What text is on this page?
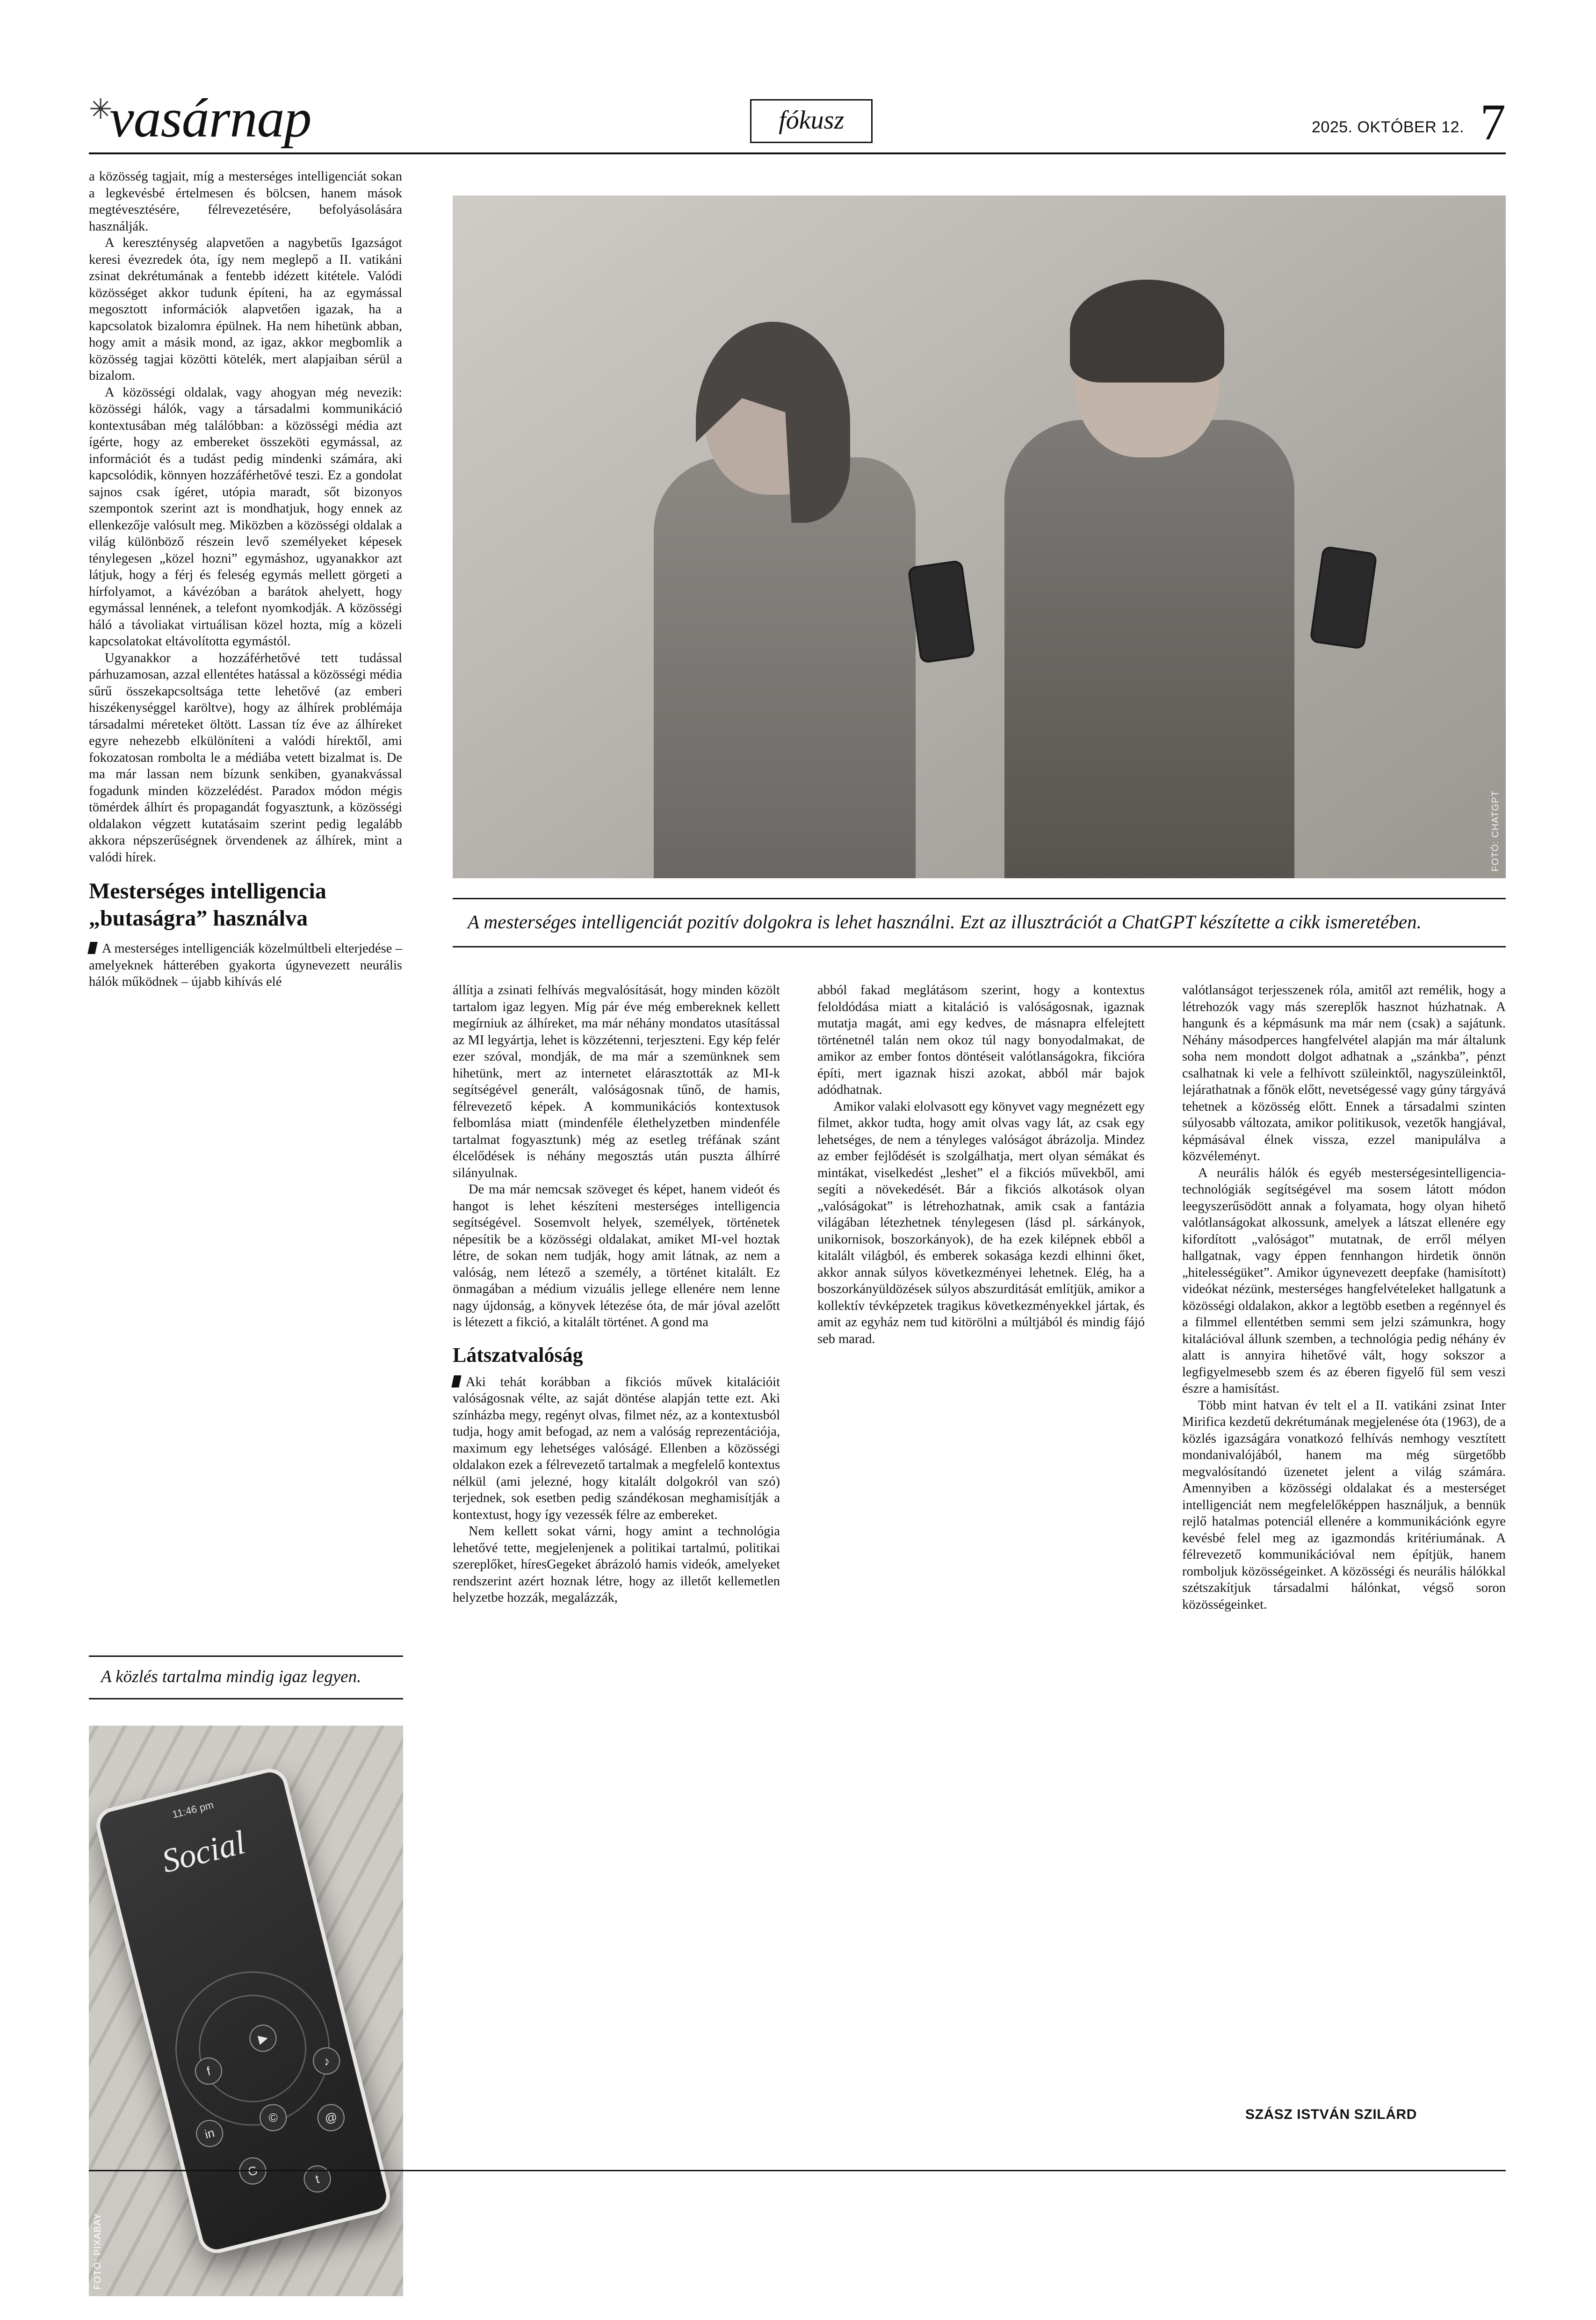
✳
vasárnap	fókusz	2025. OKTÓBER 12. 7
FOTÓ: CHATGPT
A mesterséges intelligenciát pozitív dolgokra is lehet használni. Ezt az illusztrációt a ChatGPT készítette a cikk ismeretében.

a közösség tagjait, míg a mesterséges intelligenciát sokan a legkevésbé értelmesen és bölcsen, hanem mások megtévesztésére, félrevezetésére, befolyásolására használják.

A kereszténység alapvetően a nagybetűs Igazságot keresi évezredek óta, így nem meglepő a II. vatikáni zsinat dekrétumának a fentebb idézett kitétele. Valódi közösséget akkor tudunk építeni, ha az egymással megosztott információk alapvetően igazak, ha a kapcsolatok bizalomra épülnek. Ha nem hihetünk abban, hogy amit a másik mond, az igaz, akkor megbomlik a közösség tagjai közötti kötelék, mert alapjaiban sérül a bizalom.

A közösségi oldalak, vagy ahogyan még nevezik: közösségi hálók, vagy a társadalmi kommunikáció kontextusában még találóbban: a közösségi média azt ígérte, hogy az embereket összeköti egymással, az információt és a tudást pedig mindenki számára, aki kapcsolódik, könnyen hozzáférhetővé teszi. Ez a gondolat sajnos csak ígéret, utópia maradt, sőt bizonyos szempontok szerint azt is mondhatjuk, hogy ennek az ellenkezője valósult meg. Miközben a közösségi oldalak a világ különböző részein levő személyeket képesek ténylegesen „közel hozni” egymáshoz, ugyanakkor azt látjuk, hogy a férj és feleség egymás mellett görgeti a hírfolyamot, a kávézóban a barátok ahelyett, hogy egymással lennének, a telefont nyomkodják. A közösségi háló a távoliakat virtuálisan közel hozta, míg a közeli kapcsolatokat eltávolította egymástól.

Ugyanakkor a hozzáférhetővé tett tudással párhuzamosan, azzal ellentétes hatással a közösségi média sűrű összekapcsoltsága tette lehetővé (az emberi hiszékenységgel karöltve), hogy az álhírek problémája társadalmi méreteket öltött. Lassan tíz éve az álhíreket egyre nehezebb elkülöníteni a valódi hírektől, ami fokozatosan rombolta le a médiába vetett bizalmat is. De ma már lassan nem bízunk senkiben, gyanakvással fogadunk minden közzelédést. Paradox módon mégis tömérdek álhírt és propagandát fogyasztunk, a közösségi oldalakon végzett kutatásaim szerint pedig legalább akkora népszerűségnek örvendenek az álhírek, mint a valódi hírek.

Mesterséges intelligencia
„butaságra” használva

A mesterséges intelligenciák közelmúltbeli elterjedése – amelyeknek hátterében gyakorta úgynevezett neurális hálók működnek – újabb kihívás elé

A közlés tartalma mindig igaz legyen.
11:46 pm
Social
f
©	@
G
t
in
♪
▶
FOTÓ: PIXABAY

állítja a zsinati felhívás megvalósítását, hogy minden közölt tartalom igaz legyen. Míg pár éve még embereknek kellett megírniuk az álhíreket, ma már néhány mondatos utasítással az MI legyártja, lehet is közzétenni, terjeszteni. Egy kép felér ezer szóval, mondják, de ma már a szemünknek sem hihetünk, mert az internetet elárasztották az MI-k segítségével generált, valóságosnak tűnő, de hamis, félrevezető képek. A kommunikációs kontextusok felbomlása miatt (mindenféle élethelyzetben mindenféle tartalmat fogyasztunk) még az esetleg tréfának szánt élcelődések is néhány megosztás után puszta álhírré silányulnak.

De ma már nemcsak szöveget és képet, hanem videót és hangot is lehet készíteni mesterséges intelligencia segítségével. Sosemvolt helyek, személyek, történetek népesítik be a közösségi oldalakat, amiket MI-vel hoztak létre, de sokan nem tudják, hogy amit látnak, az nem a valóság, nem létező a személy, a történet kitalált. Ez önmagában a médium vizuális jellege ellenére nem lenne nagy újdonság, a könyvek létezése óta, de már jóval azelőtt is létezett a fikció, a kitalált történet. A gond ma

Látszatvalóság

Aki tehát korábban a fikciós művek kitalációit valóságosnak vélte, az saját döntése alapján tette ezt. Aki színházba megy, regényt olvas, filmet néz, az a kontextusból tudja, hogy amit befogad, az nem a valóság reprezentációja, maximum egy lehetséges valóságé. Ellenben a közösségi oldalakon ezek a félrevezető tartalmak a megfelelő kontextus nélkül (ami jelezné, hogy kitalált dolgokról van szó) terjednek, sok esetben pedig szándékosan meghamisítják a kontextust, hogy így vezessék félre az embereket.

Nem kellett sokat várni, hogy amint a technológia lehetővé tette, megjelenjenek a politikai tartalmú, politikai szereplőket, híresGegeket ábrázoló hamis videók, amelyeket rendszerint azért hoznak létre, hogy az illetőt kellemetlen helyzetbe hozzák, megalázzák,

abból fakad meglátásom szerint, hogy a kontextus feloldódása miatt a kitaláció is valóságosnak, igaznak mutatja magát, ami egy kedves, de másnapra elfelejtett történetnél talán nem okoz túl nagy bonyodalmakat, de amikor az ember fontos döntéseit valótlanságokra, fikcióra építi, mert igaznak hiszi azokat, abból már bajok adódhatnak.

Amikor valaki elolvasott egy könyvet vagy megnézett egy filmet, akkor tudta, hogy amit olvas vagy lát, az csak egy lehetséges, de nem a tényleges valóságot ábrázolja. Mindez az ember fejlődését is szolgálhatja, mert olyan sémákat és mintákat, viselkedést „leshet” el a fikciós művekből, ami segíti a növekedését. Bár a fikciós alkotások olyan „valóságokat” is létrehozhatnak, amik csak a fantázia világában létezhetnek ténylegesen (lásd pl. sárkányok, unikornisok, boszorkányok), de ha ezek kilépnek ebből a kitalált világból, és emberek sokasága kezdi elhinni őket, akkor annak súlyos következményei lehetnek. Elég, ha a boszorkányüldözések súlyos abszurditását említjük, amikor a kollektív tévképzetek tragikus következményekkel jártak, és amit az egyház nem tud kitörölni a múltjából és mindig fájó seb marad.

valótlanságot terjesszenek róla, amitől azt remélik, hogy a létrehozók vagy más szereplők hasznot húzhatnak. A hangunk és a képmásunk ma már nem (csak) a sajátunk. Néhány másodperces hangfelvétel alapján ma már általunk soha nem mondott dolgot adhatnak a „szánkba”, pénzt csalhatnak ki vele a felhívott szüleinktől, nagyszüleinktől, lejárathatnak a főnök előtt, nevetségessé vagy gúny tárgyává tehetnek a közösség előtt. Ennek a társadalmi szinten súlyosabb változata, amikor politikusok, vezetők hangjával, képmásával élnek vissza, ezzel manipulálva a közvéleményt.

A neurális hálók és egyéb mesterségesintelligencia-technológiák segítségével ma sosem látott módon leegyszerűsödött annak a folyamata, hogy olyan hihető valótlanságokat alkossunk, amelyek a látszat ellenére egy kifordított „valóságot” mutatnak, de erről mélyen hallgatnak, vagy éppen fennhangon hirdetik önnön „hitelességüket”. Amikor úgynevezett deepfake (hamisított) videókat nézünk, mesterséges hangfelvételeket hallgatunk a közösségi oldalakon, akkor a legtöbb esetben a regénnyel és a filmmel ellentétben semmi sem jelzi számunkra, hogy kitalációval állunk szemben, a technológia pedig néhány év alatt is annyira hihetővé vált, hogy sokszor a legfigyelmesebb szem és az éberen figyelő fül sem veszi észre a hamisítást.

Több mint hatvan év telt el a II. vatikáni zsinat Inter Mirifica kezdetű dekrétumának megjelenése óta (1963), de a közlés igazságára vonatkozó felhívás nemhogy vesztített mondanivalójából, hanem ma még sürgetőbb megvalósítandó üzenetet jelent a világ számára. Amennyiben a közösségi oldalakat és a mesterséget intelligenciát nem megfelelőképpen használjuk, a bennük rejlő hatalmas potenciál ellenére a kommunikációnk egyre kevésbé felel meg az igazmondás kritériumának. A félrevezető kommunikációval nem építjük, hanem romboljuk közösségeinket. A közösségi és neurális hálókkal szétszakítjuk társadalmi hálónkat, végső soron közösségeinket.

SZÁSZ ISTVÁN SZILÁRD
